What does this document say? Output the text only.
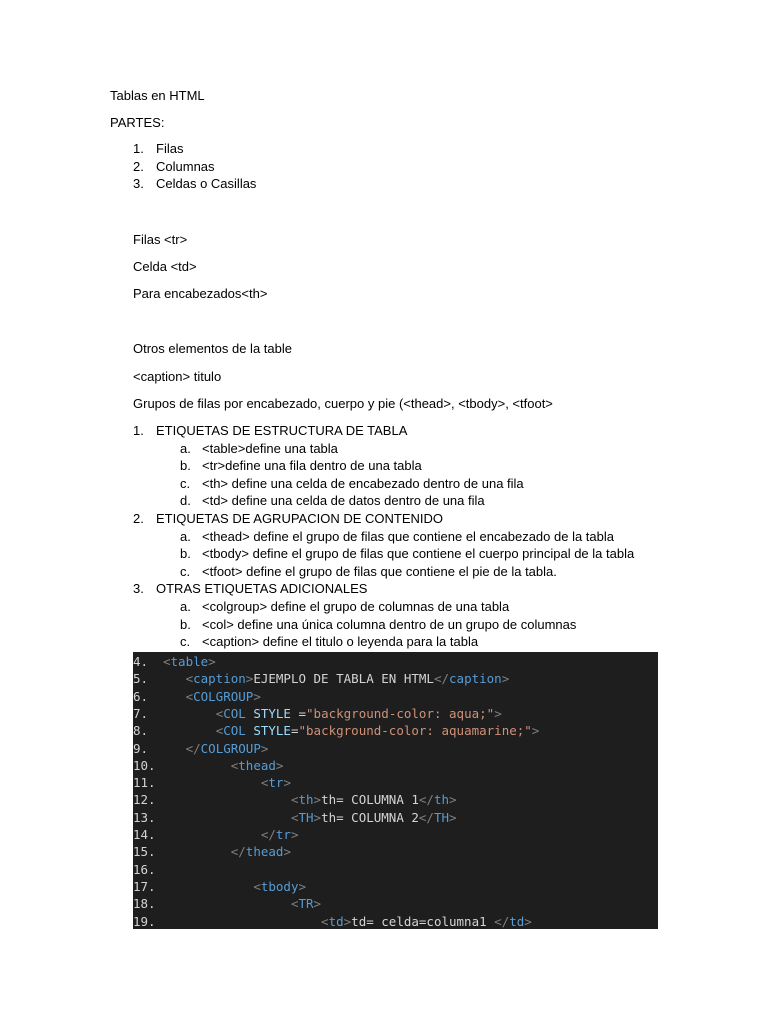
Tablas en HTML
PARTES:
1. Filas
2. Columnas
3. Celdas o Casillas
Filas <tr>
Celda <td>
Para encabezados<th>
Otros elementos de la table
<caption> titulo
Grupos de filas por encabezado, cuerpo y pie (<thead>, <tbody>, <tfoot>
1. ETIQUETAS DE ESTRUCTURA DE TABLA
a. <table>define una tabla
b. <tr>define una fila dentro de una tabla
c. <th> define una celda de encabezado dentro de una fila
d. <td> define una celda de datos dentro de una fila
2. ETIQUETAS DE AGRUPACION DE CONTENIDO
a. <thead> define el grupo de filas que contiene el encabezado de la tabla
b. <tbody> define el grupo de filas que contiene el cuerpo principal de la tabla
c. <tfoot> define el grupo de filas que contiene el pie de la tabla.
3. OTRAS ETIQUETAS ADICIONALES
a. <colgroup> define el grupo de columnas de una tabla
b. <col> define una única columna dentro de un grupo de columnas
c. <caption> define el titulo o leyenda para la tabla
4. <table>
5.	<caption>EJEMPLO DE TABLA EN HTML</caption>
6.	<COLGROUP>
7.	<COL STYLE ="background-color: aqua;">
8.	<COL STYLE="background-color: aquamarine;">
9.	</COLGROUP>
10.	<thead>
11.	<tr>
12.	<th>th= COLUMNA 1</th>
13.	<TH>th= COLUMNA 2</TH>
14.	</tr>
15.	</thead>
16.
17.	<tbody>
18.	<TR>
19.	<td>td= celda=columna1 </td>
